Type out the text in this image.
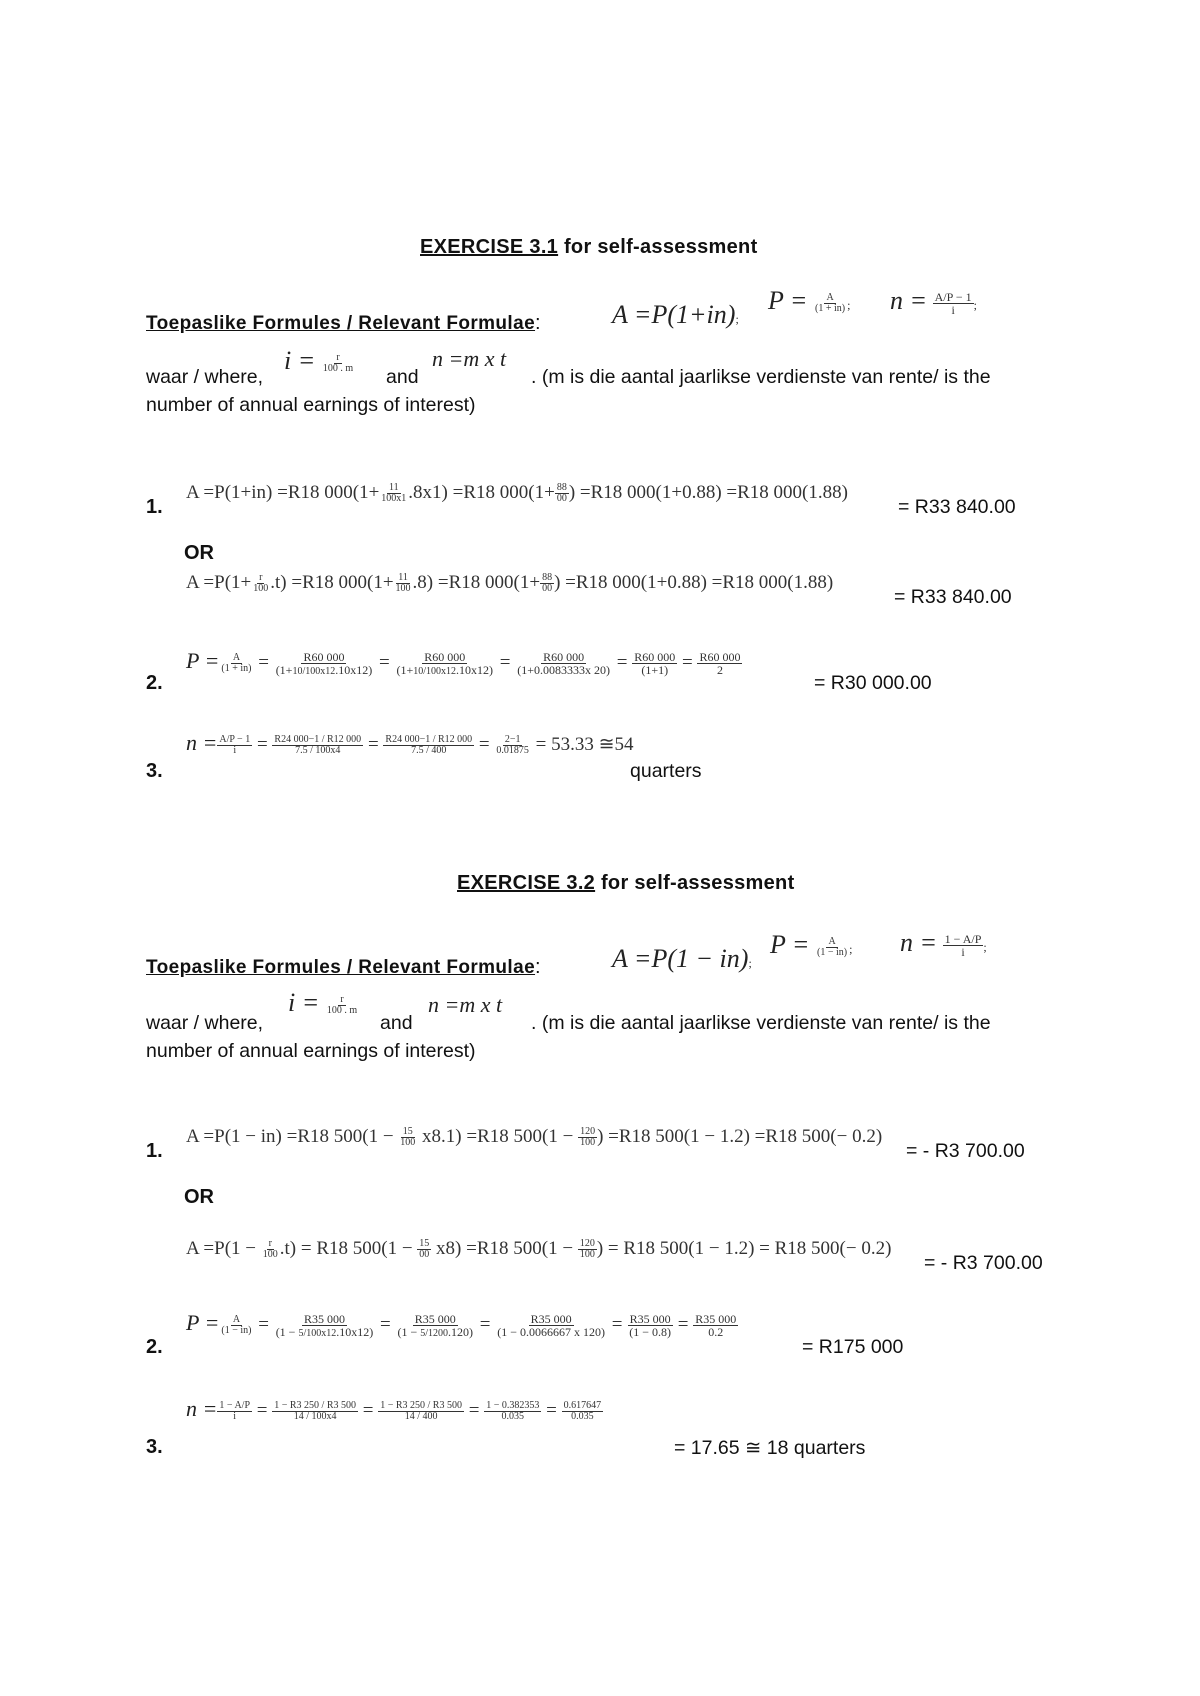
EXERCISE 3.1 for self-assessment
Toepaslike Formules / Relevant Formulae:	A =P(1+in);
$P = \frac{A}{(1 + in)}$ ; $n = \frac{A/P - 1}{i}$ ;
waar / where,
$i = \frac{r}{100 . m}$
and
n =m x t
. (m is die aantal jaarlikse verdienste van rente/ is the
number of annual earnings of interest)
1.
A =P(1+in) =R18 $000(1+ \frac{11}{100x1} .8x1) =R18$ $000(1+ \frac{88}{00}$ ) =R18 000(1+0.88) =R18 000(1.88)
= R33 840.00
OR
$A =P(1+ \frac{r}{100} .t) =R18$ $000(1+ \frac{11}{100} .8) =R18$ $000(1+ \frac{88}{00}$ ) =R18 000(1+0.88) =R18 000(1.88)
= R33 840.00
2.
$P = \frac{A}{(1 + in)} = \frac{R60 000}{(1+10/100x12.10x12)} = \frac{R60 000}{(1+10/100x12.10x12)} = \frac{R60 000}{(1+0.0083333x 20)} = \frac{R60 000}{(1+1)} = \frac{R60 000}{2}$
= R30 000.00
3.
$n = \frac{A/P - 1}{i} = \frac{R24 000-1 / R12 000}{7.5 / 100x4} = \frac{R24 000-1 / R12 000}{7.5 / 400} = \frac{2-1}{0.01875} = 53.33$ ≅54
quarters
EXERCISE 3.2 for self-assessment
Toepaslike Formules / Relevant Formulae:	A =P(1 − in);
$P = \frac{A}{(1 - in)}$ ; $n = \frac{1 - A/P}{i}$ ;
waar / where,
$i = \frac{r}{100 . m}$
and
n =m x t
. (m is die aantal jaarlikse verdienste van rente/ is the
number of annual earnings of interest)
1.
A =P(1 − in) =R18 $500(1 - \frac{15}{100} x8.1) =R18$ $500(1 - \frac{120}{100}$ ) =R18 500(1 − 1.2) =R18 500(− 0.2)
= - R3 700.00
OR
$A =P(1 - \frac{r}{100} .t) = R18$ $500(1 - \frac{15}{00} x8) =R18$ $500(1 - \frac{120}{100}$ ) = R18 500(1 − 1.2) = R18 500(− 0.2)
= - R3 700.00
2.
$P = \frac{A}{(1 - in)} = \frac{R35 000}{(1 - 5/100x12.10x12)} = \frac{R35 000}{(1 - 5/1200.120)} = \frac{R35 000}{(1 - 0.0066667 x 120)} = \frac{R35 000}{(1 - 0.8)} = \frac{R35 000}{0.2}$
= R175 000
3.
$n = \frac{1 - A/P}{i} = \frac{1 - R3 250 / R3 500}{14 / 100x4} = \frac{1 - R3 250 / R3 500}{14 / 400} = \frac{1 - 0.382353}{0.035} = \frac{0.617647}{0.035}$
= 17.65 ≅ 18 quarters
